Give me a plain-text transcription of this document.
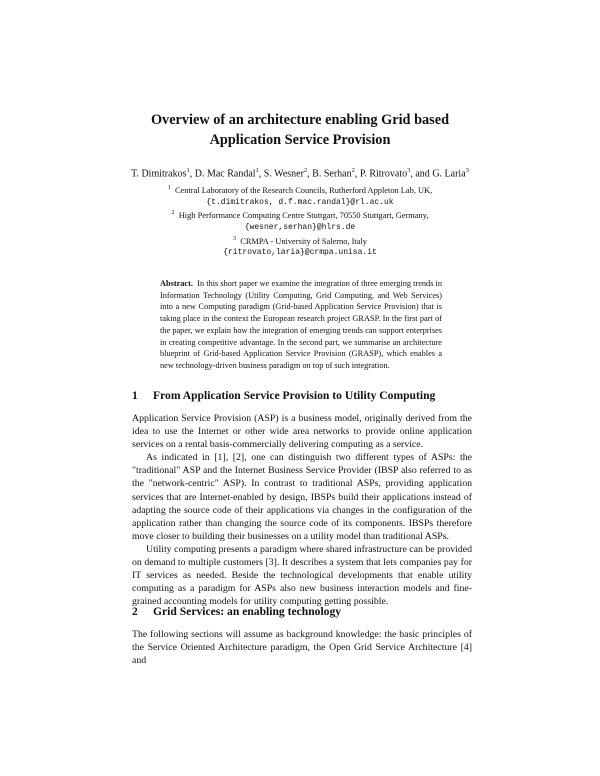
Overview of an architecture enabling Grid based
Application Service Provision
T. Dimitrakos$^1$, D. Mac Randal$^1$, S. Wesner$^2$, B. Serhan$^2$, P. Ritrovato$^3$, and G. Laria$^3$
$^1$ Central Laboratory of the Research Councils, Rutherford Appleton Lab, UK,
{t.dimitrakos, d.f.mac.randal}@rl.ac.uk
$^2$ High Performance Computing Centre Stuttgart, 70550 Stuttgart, Germany,
{wesner,serhan}@hlrs.de
$^3$ CRMPA - University of Salerno, Italy
{ritrovato,laria}@crmpa.unisa.it
Abstract. In this short paper we examine the integration of three emerging trends in Information Technology (Utility Computing, Grid Computing, and Web Services) into a new Computing paradigm (Grid-based Application Service Provision) that is taking place in the context the European research project GRASP. In the first part of the paper, we explain how the integration of emerging trends can support enterprises in creating competitive advantage. In the second part, we summarise an architecture blueprint of Grid-based Application Service Provision (GRASP), which enables a new technology-driven business paradigm on top of such integration.
1 From Application Service Provision to Utility Computing

Application Service Provision (ASP) is a business model, originally derived from the idea to use the Internet or other wide area networks to provide online application services on a rental basis-commercially delivering computing as a service.

As indicated in [1], [2], one can distinguish two different types of ASPs: the "traditional" ASP and the Internet Business Service Provider (IBSP also referred to as the "network-centric" ASP). In contrast to traditional ASPs, providing application services that are Internet-enabled by design, IBSPs build their applications instead of adapting the source code of their applications via changes in the configuration of the application rather than changing the source code of its components. IBSPs therefore move closer to building their businesses on a utility model than traditional ASPs.

Utility computing presents a paradigm where shared infrastructure can be provided on demand to multiple customers [3]. It describes a system that lets companies pay for IT services as needed. Beside the technological developments that enable utility computing as a paradigm for ASPs also new business interaction models and fine-grained accounting models for utility computing getting possible.

2 Grid Services: an enabling technology

The following sections will assume as background knowledge: the basic principles of the Service Oriented Architecture paradigm, the Open Grid Service Architecture [4] and
